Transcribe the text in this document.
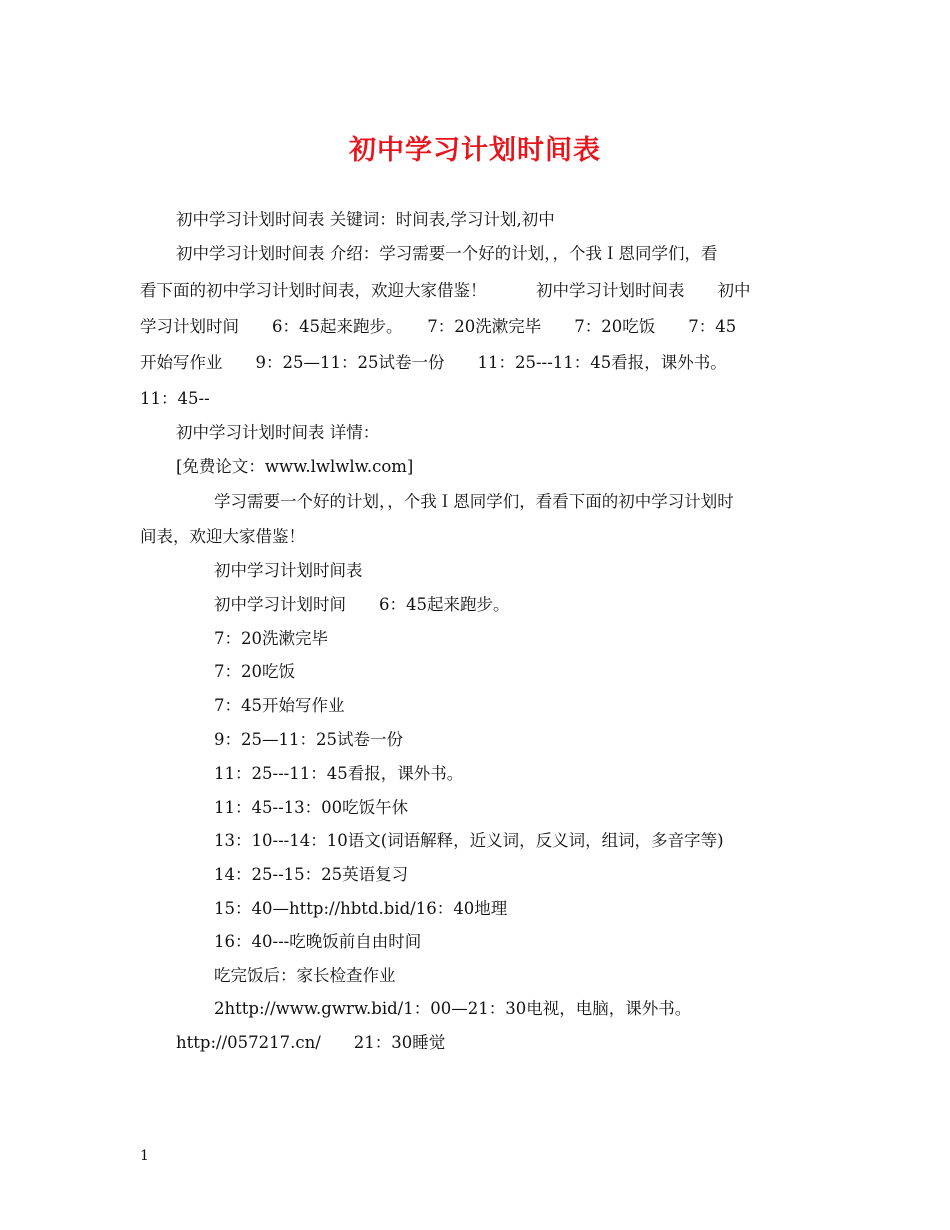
初中学习计划时间表
初中学习计划时间表 关键词：时间表,学习计划,初中
初中学习计划时间表 介绍：学习需要一个好的计划，，个我Ｉ恩同学们，看
看下面的初中学习计划时间表，欢迎大家借鉴！　　　初中学习计划时间表　　初中
学习计划时间　　6：45起来跑步。　　7：20洗漱完毕　　7：20吃饭　　7：45
开始写作业　　9：25—11：25试卷一份　　11：25---11：45看报，课外书。
11：45--
初中学习计划时间表 详情：
[免费论文：www.lwlwlw.com]
学习需要一个好的计划，，个我Ｉ恩同学们，看看下面的初中学习计划时
间表，欢迎大家借鉴！
初中学习计划时间表
初中学习计划时间　　6：45起来跑步。
7：20洗漱完毕
7：20吃饭
7：45开始写作业
9：25—11：25试卷一份
11：25---11：45看报，课外书。
11：45--13：00吃饭午休
13：10---14：10语文(词语解释，近义词，反义词，组词，多音字等)
14：25--15：25英语复习
15：40—http://hbtd.bid/16：40地理
16：40---吃晚饭前自由时间
吃完饭后：家长检查作业
2http://www.gwrw.bid/1：00—21：30电视，电脑，课外书。
http://057217.cn/　　21：30睡觉
1
